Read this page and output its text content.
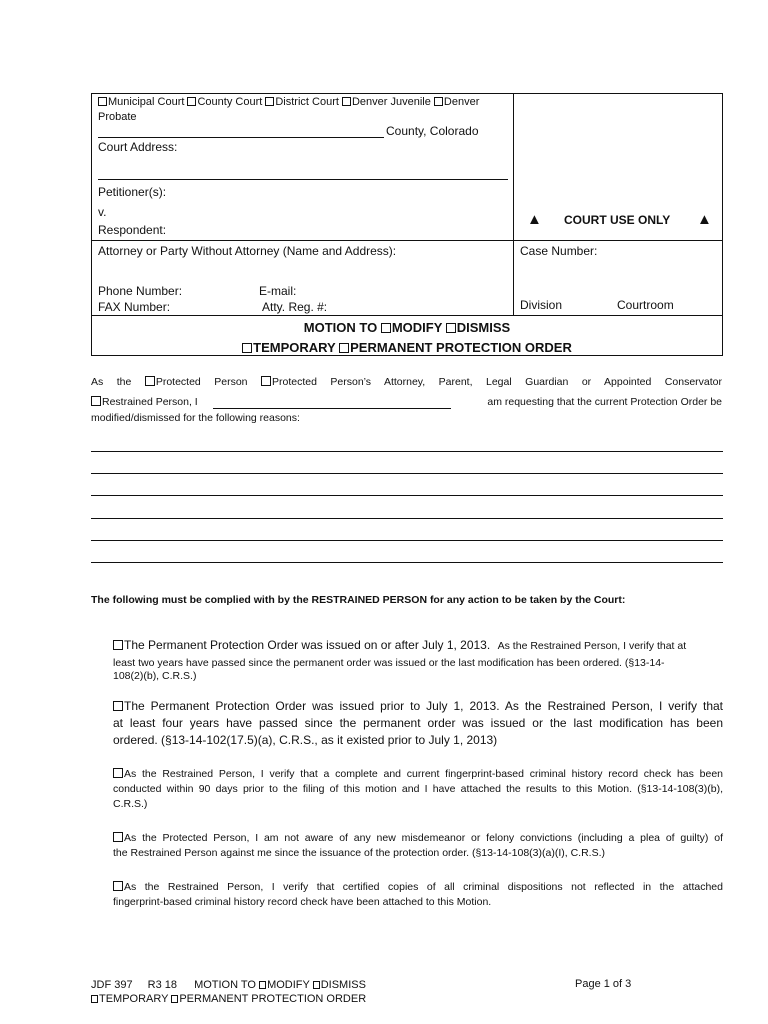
Municipal Court County Court District Court Denver Juvenile Denver
Probate
County, Colorado
Court Address:
Petitioner(s):
v.
Respondent:
▲ COURT USE ONLY ▲
Attorney or Party Without Attorney (Name and Address):
Phone Number:	E-mail:
FAX Number:	Atty. Reg. #:
Case Number:
Division	Courtroom
MOTION TO MODIFY DISMISS
TEMPORARY PERMANENT PROTECTION ORDER
As the Protected Person Protected Person’s Attorney, Parent, Legal Guardian or Appointed Conservator
Restrained Person, I	am requesting that the current Protection Order be
modified/dismissed for the following reasons:
The following must be complied with by the RESTRAINED PERSON for any action to be taken by the Court:
The Permanent Protection Order was issued on or after July 1, 2013. As the Restrained Person, I verify that at
least two years have passed since the permanent order was issued or the last modification has been ordered. (§13-14-
108(2)(b), C.R.S.)
The Permanent Protection Order was issued prior to July 1, 2013. As the Restrained Person, I verify that
at least four years have passed since the permanent order was issued or the last modification has been
ordered. (§13-14-102(17.5)(a), C.R.S., as it existed prior to July 1, 2013)
As the Restrained Person, I verify that a complete and current fingerprint-based criminal history record check has been
conducted within 90 days prior to the filing of this motion and I have attached the results to this Motion. (§13-14-108(3)(b),
C.R.S.)
As the Protected Person, I am not aware of any new misdemeanor or felony convictions (including a plea of guilty) of
the Restrained Person against me since the issuance of the protection order. (§13-14-108(3)(a)(I), C.R.S.)
As the Restrained Person, I verify that certified copies of all criminal dispositions not reflected in the attached
fingerprint-based criminal history record check have been attached to this Motion.
JDF 397 R3 18 MOTION TO MODIFY DISMISS
TEMPORARY PERMANENT PROTECTION ORDER
Page 1 of 3
